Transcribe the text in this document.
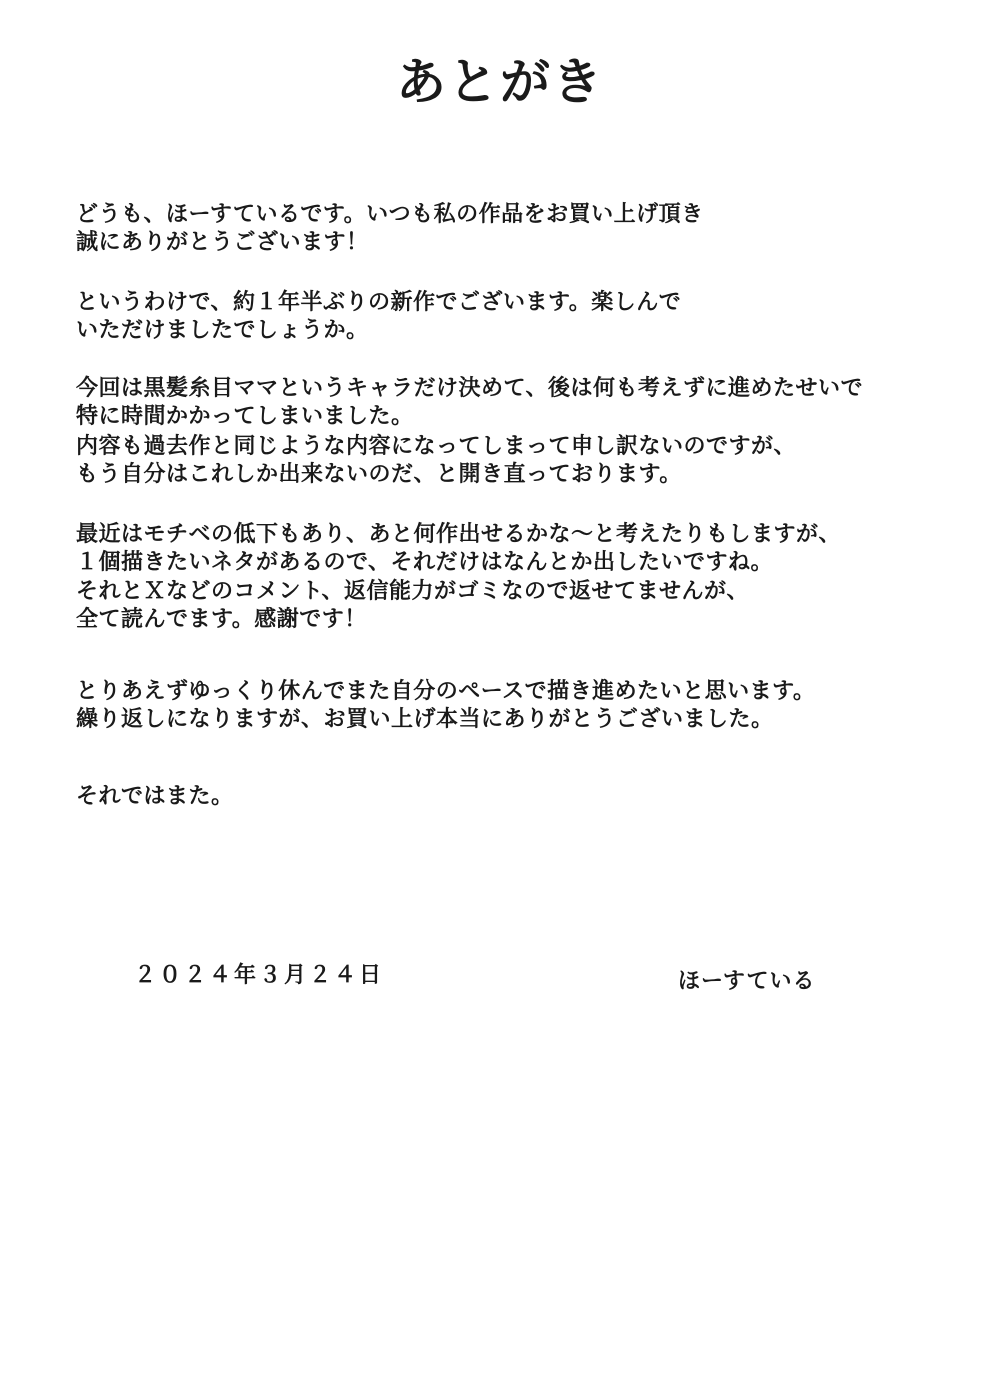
あとがき
どうも、ほーすているです。いつも私の作品をお買い上げ頂き
誠にありがとうございます！
というわけで、約１年半ぶりの新作でございます。楽しんで
いただけましたでしょうか。
今回は黒髪糸目ママというキャラだけ決めて、後は何も考えずに進めたせいで
特に時間かかってしまいました。
内容も過去作と同じような内容になってしまって申し訳ないのですが、
もう自分はこれしか出来ないのだ、と開き直っております。
最近はモチベの低下もあり、あと何作出せるかな～と考えたりもしますが、
１個描きたいネタがあるので、それだけはなんとか出したいですね。
それとＸなどのコメント、返信能力がゴミなので返せてませんが、
全て読んでます。感謝です！
とりあえずゆっくり休んでまた自分のペースで描き進めたいと思います。
繰り返しになりますが、お買い上げ本当にありがとうございました。
それではまた。
２０２４年３月２４日	ほーすている
